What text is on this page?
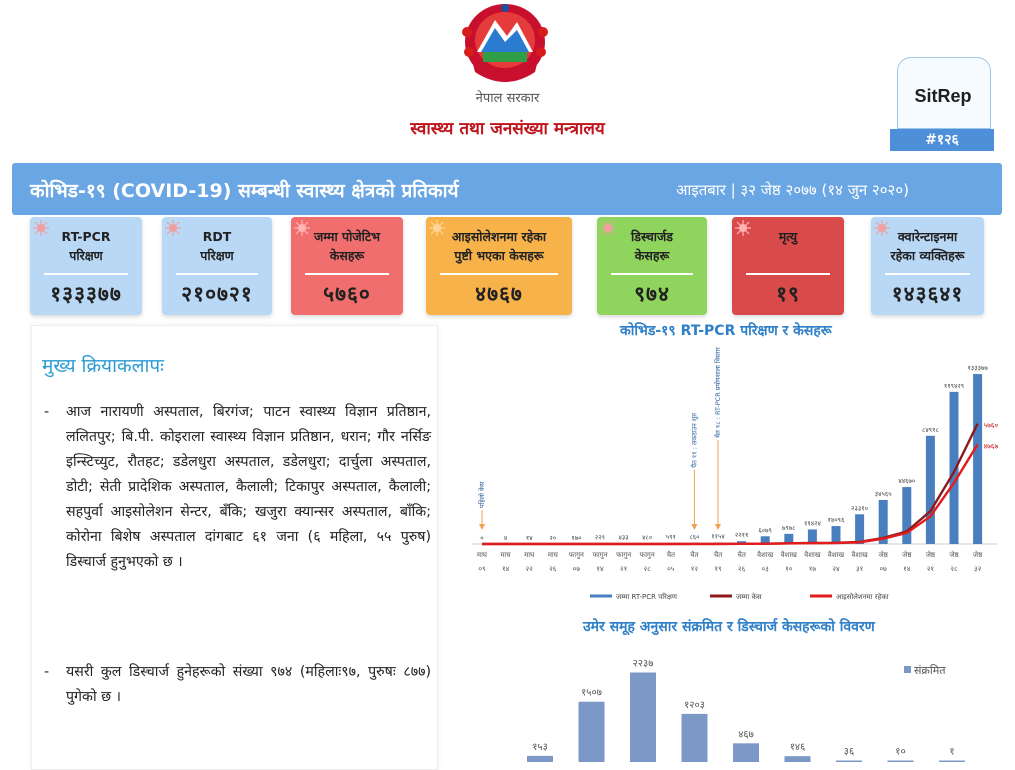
नेपाल सरकार
स्वास्थ्य तथा जनसंख्या मन्त्रालय
SitRep
#१२६
कोभिड-१९ (COVID-19) सम्बन्धी स्वास्थ्य क्षेत्रको प्रतिकार्य	आइतबार | ३२ जेष्ठ २०७७ (१४ जुन २०२०)
RT-PCR
परिक्षण
१३३३७७
RDT
परिक्षण
२१०७२१
जम्मा पोजेटिभ
केसहरू
५७६०
आइसोलेशनमा रहेका
पुष्टी भएका केसहरू
४७६७
डिस्चार्जड
केसहरू
९७४
मृत्यु

१९
क्वारेन्टाइनमा
रहेका व्यक्तिहरू
१४३६४१
मुख्य क्रियाकलापः
- आज नारायणी अस्पताल, बिरगंज; पाटन स्वास्थ्य विज्ञान प्रतिष्ठान, ललितपुर; बि.पी. कोइराला स्वास्थ्य विज्ञान प्रतिष्ठान, धरान; गौर नर्सिङ इन्स्टिच्युट, रौतहट; डडेलधुरा अस्पताल, डडेलधुरा; दार्चुला अस्पताल, डोटी; सेती प्रादेशिक अस्पताल, कैलाली; टिकापुर अस्पताल, कैलाली; सहपुर्वा आइसोलेशन सेन्टर, बँकि; खजुरा क्यान्सर अस्पताल, बाँकि; कोरोना बिशेष अस्पताल दांगबाट ६१ जना (६ महिला, ५५ पुरुष) डिस्चार्ज हुनुभएको छ ।
- यसरी कुल डिस्चार्ज हुनेहरूको संख्या ९७४ (महिलाः९७, पुरुषः ८७७) पुगेको छ ।
कोभिड-१९ RT-PCR परिक्षण र केसहरू
०	४	१४	२० १७० २२९ ४३३ ४८० ५९१ ८६० ११५४ २२११
६०७९ ७९७८
११४२४ १४०९६
२३३१०
३४५६५
४४६७०
८४९१८
११९४२९
१३३३७७
५७६०
४७६७
माघ
०९
माघ
१४
माघ
२२
माघ
२६
फागुन
०७
फागुन
१४
फागुन
२१
फागुन
२८
चैत
०५
चैत
१२
चैत
१९
चैत
२६
वैशाख
०३
वैशाख
१०
वैशाख
१७
वैशाख
२४
वैशाख
३१
जेष्ठ
०७
जेष्ठ
१४
जेष्ठ
२१
जेष्ठ
२८
जेष्ठ
३२
पहिलो केस
चैत ११ : लकडाउन शुरु
चैत १८ : RT-PCR प्रयोगशाला विस्तार
जम्मा RT-PCR परिक्षण	जम्मा केस	आइसोलेशनमा रहेका
उमेर समूह अनुसार संक्रमित र डिस्चार्ज केसहरूको विवरण
१५३
१५०७
२२३७
१२०३
४६७
१४६	३६	१०	१
संक्रमित
